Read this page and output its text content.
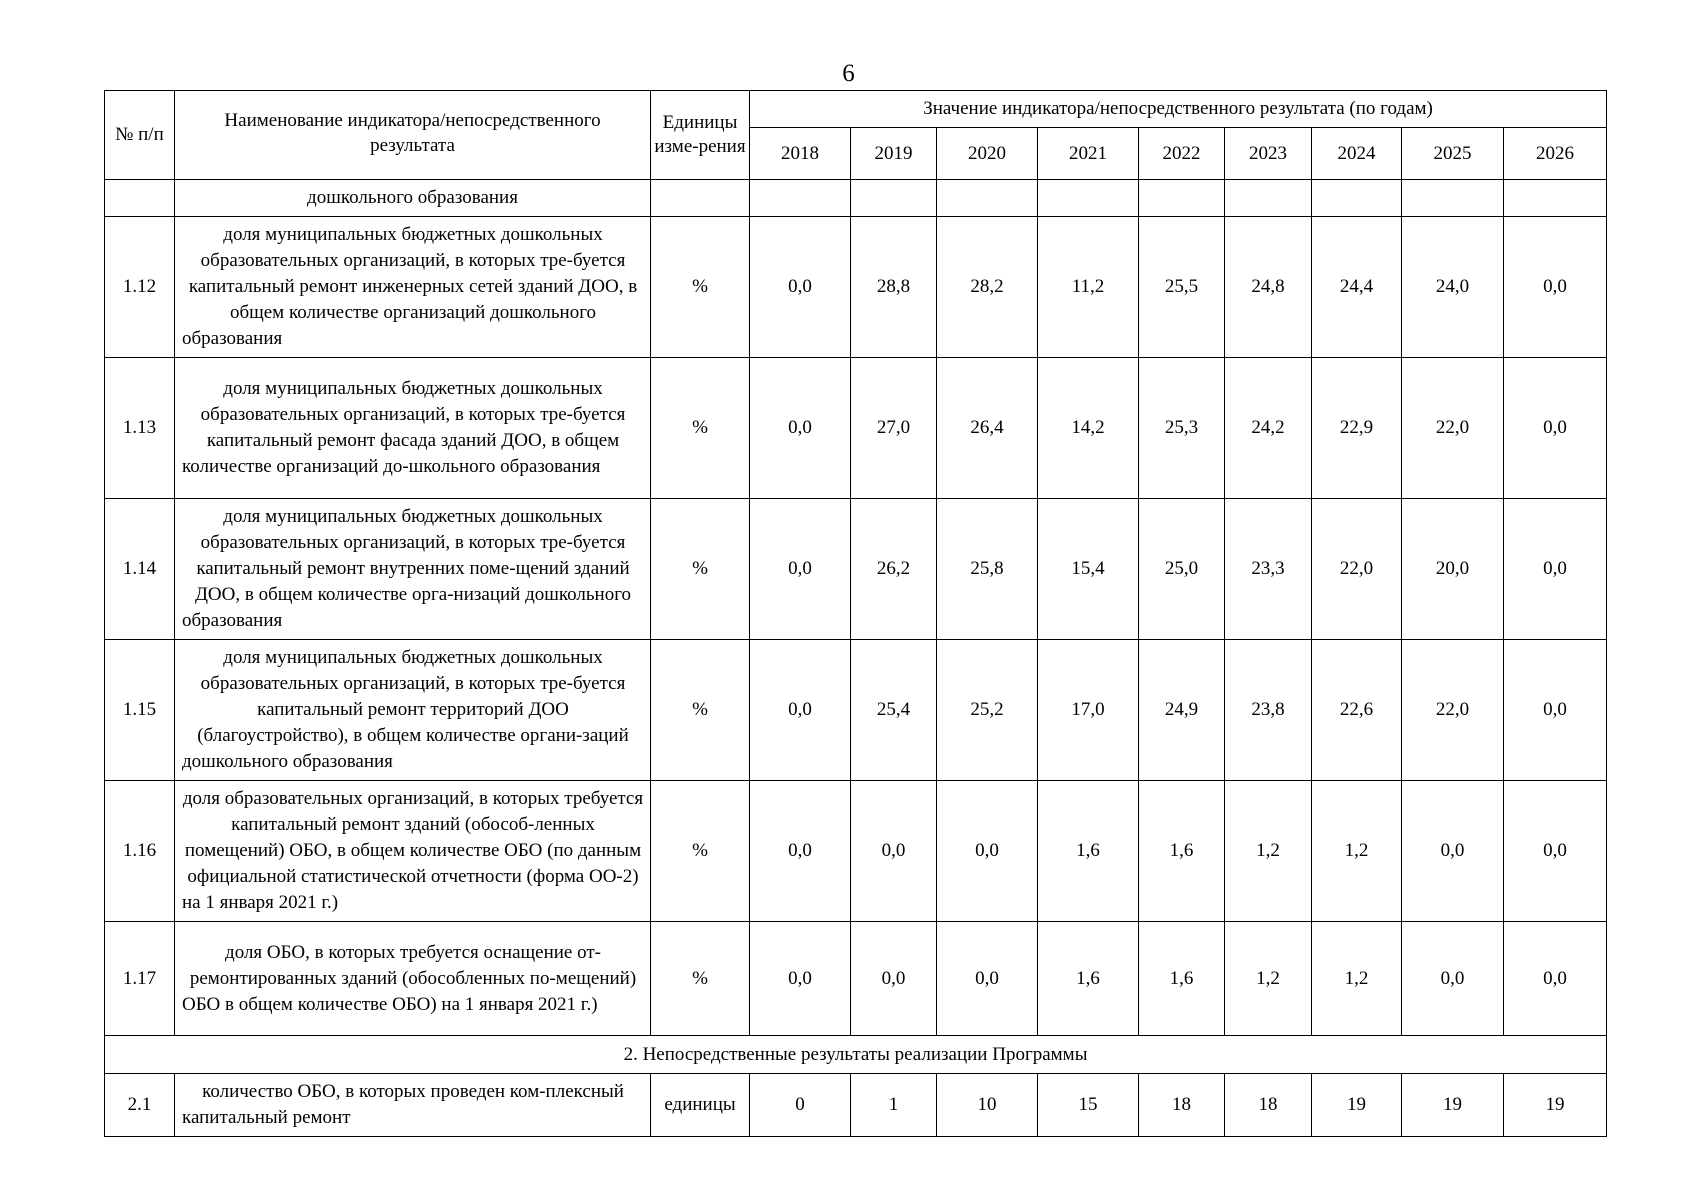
6
№ п/п	Наименование индикатора/непосредственного результата	Единицы изме-рения	Значение индикатора/непосредственного результата (по годам)								
			2018	2019	2020	2021	2022	2023	2024	2025	2026
	дошкольного образования										
1.12	доля муниципальных бюджетных дошкольных образовательных организаций, в которых тре-буется капитальный ремонт инженерных сетей зданий ДОО, в общем количестве организаций дошкольного образования	%	0,0	28,8	28,2	11,2	25,5	24,8	24,4	24,0	0,0
1.13	доля муниципальных бюджетных дошкольных образовательных организаций, в которых тре-буется капитальный ремонт фасада зданий ДОО, в общем количестве организаций до-школьного образования	%	0,0	27,0	26,4	14,2	25,3	24,2	22,9	22,0	0,0
1.14	доля муниципальных бюджетных дошкольных образовательных организаций, в которых тре-буется капитальный ремонт внутренних поме-щений зданий ДОО, в общем количестве орга-низаций дошкольного образования	%	0,0	26,2	25,8	15,4	25,0	23,3	22,0	20,0	0,0
1.15	доля муниципальных бюджетных дошкольных образовательных организаций, в которых тре-буется капитальный ремонт территорий ДОО (благоустройство), в общем количестве органи-заций дошкольного образования	%	0,0	25,4	25,2	17,0	24,9	23,8	22,6	22,0	0,0
1.16	доля образовательных организаций, в которых требуется капитальный ремонт зданий (обособ-ленных помещений) ОБО, в общем количестве ОБО (по данным официальной статистической отчетности (форма ОО-2) на 1 января 2021 г.)	%	0,0	0,0	0,0	1,6	1,6	1,2	1,2	0,0	0,0
1.17	доля ОБО, в которых требуется оснащение от-ремонтированных зданий (обособленных по-мещений) ОБО в общем количестве ОБО) на 1 января 2021 г.)	%	0,0	0,0	0,0	1,6	1,6	1,2	1,2	0,0	0,0
2. Непосредственные результаты реализации Программы											
2.1	количество ОБО, в которых проведен ком-плексный капитальный ремонт	единицы	0	1	10	15	18	18	19	19	19
